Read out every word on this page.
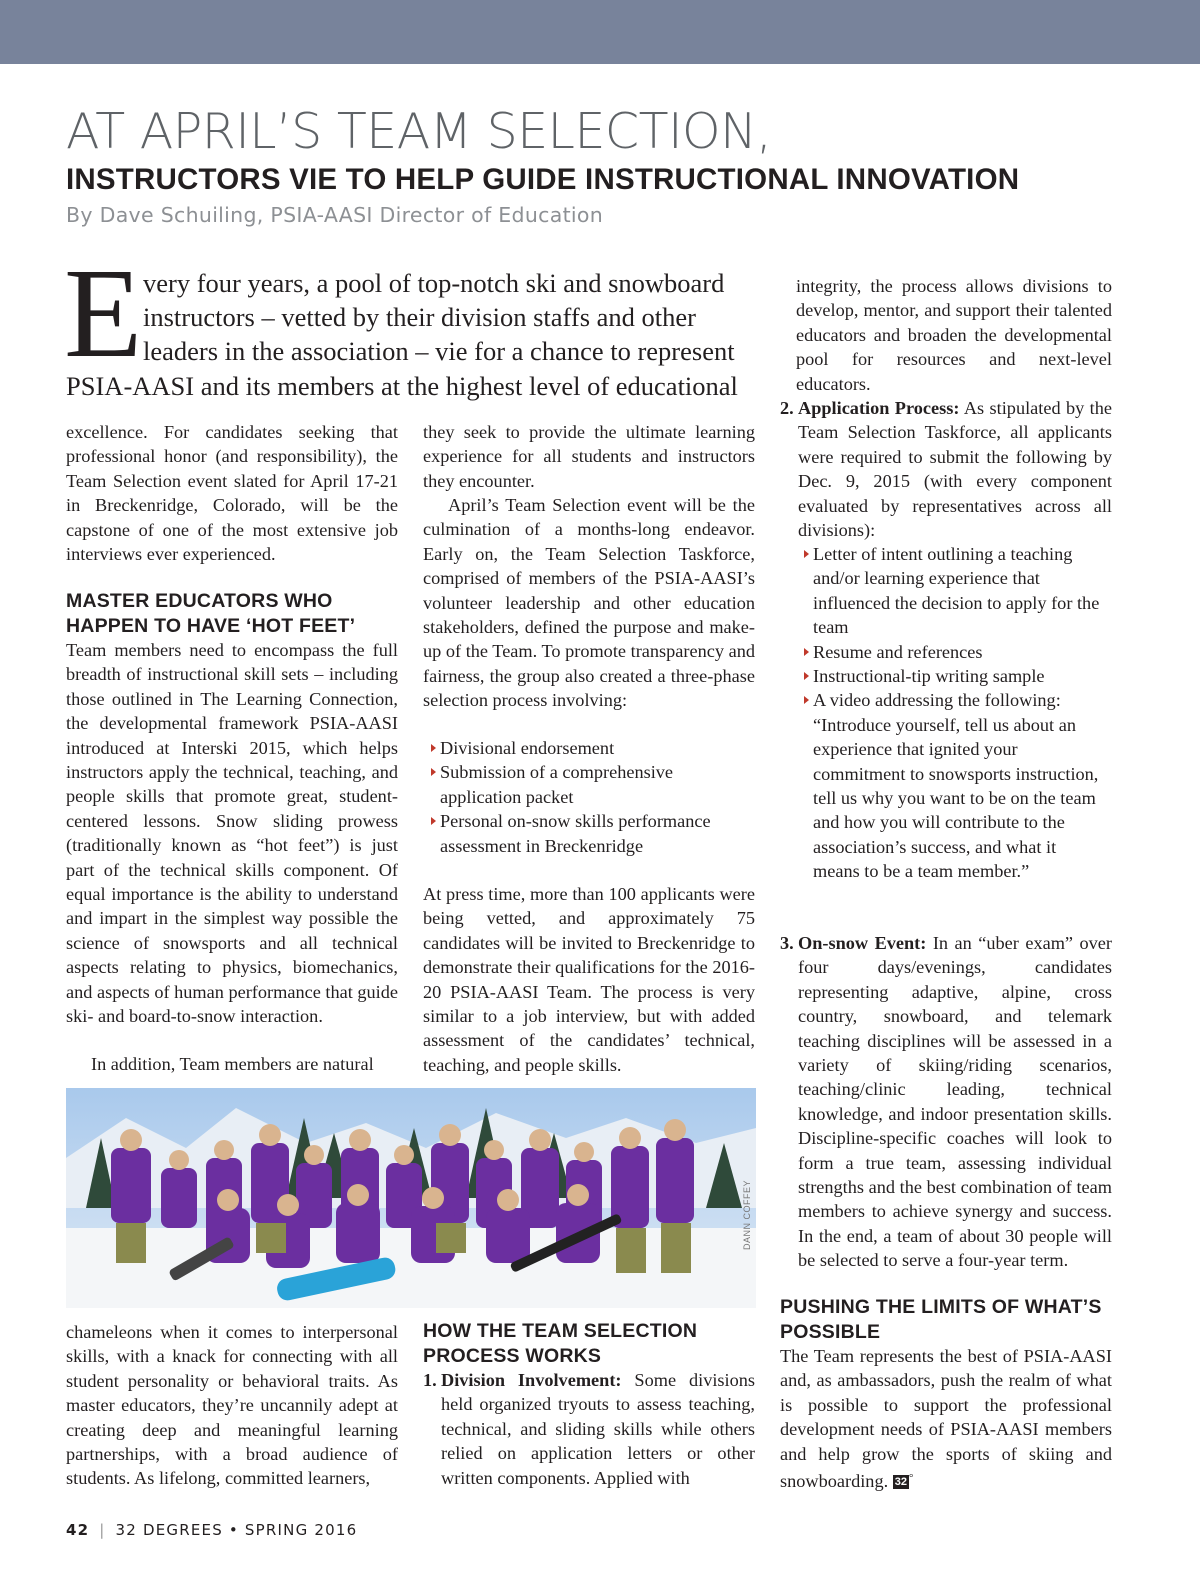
AT APRIL’S TEAM SELECTION,
INSTRUCTORS VIE TO HELP GUIDE INSTRUCTIONAL INNOVATION
By Dave Schuiling, PSIA-AASI Director of Education
E very four years, a pool of top-notch ski and snowboard
instructors – vetted by their division staffs and other
leaders in the association – vie for a chance to represent
PSIA-AASI and its members at the highest level of educational
excellence. For candidates seeking that professional honor (and responsibility), the Team Selection event slated for April 17-21 in Breckenridge, Colorado, will be the capstone of one of the most extensive job interviews ever experienced.
MASTER EDUCATORS WHO HAPPEN TO HAVE ‘HOT FEET’
Team members need to encompass the full breadth of instructional skill sets – including those outlined in The Learning Connection, the developmental framework PSIA-AASI introduced at Interski 2015, which helps instructors apply the technical, teaching, and people skills that promote great, student-centered lessons. Snow sliding prowess (traditionally known as “hot feet”) is just part of the technical skills component. Of equal importance is the ability to understand and impart in the simplest way possible the science of snowsports and all technical aspects relating to physics, biomechanics, and aspects of human performance that guide ski- and board-to-snow interaction.
In addition, Team members are natural
chameleons when it comes to interpersonal skills, with a knack for connecting with all student personality or behavioral traits. As master educators, they’re uncannily adept at creating deep and meaningful learning partnerships, with a broad audience of students. As lifelong, committed learners,
they seek to provide the ultimate learning experience for all students and instructors they encounter.
April’s Team Selection event will be the culmination of a months-long endeavor. Early on, the Team Selection Taskforce, comprised of members of the PSIA-AASI’s volunteer leadership and other education stakeholders, defined the purpose and make-up of the Team. To promote transparency and fairness, the group also created a three-phase selection process involving:
Divisional endorsement
Submission of a comprehensive application packet
Personal on-snow skills performance assessment in Breckenridge
At press time, more than 100 applicants were being vetted, and approximately 75 candidates will be invited to Breckenridge to demonstrate their qualifications for the 2016-20 PSIA-AASI Team. The process is very similar to a job interview, but with added assessment of the candidates’ technical, teaching, and people skills.
HOW THE TEAM SELECTION PROCESS WORKS
1. Division Involvement: Some divisions held organized tryouts to assess teaching, technical, and sliding skills while others relied on application letters or other written components. Applied with
integrity, the process allows divisions to develop, mentor, and support their talented educators and broaden the developmental pool for resources and next-level educators.
2. Application Process: As stipulated by the Team Selection Taskforce, all applicants were required to submit the following by Dec. 9, 2015 (with every component evaluated by representatives across all divisions):
Letter of intent outlining a teaching and/or learning experience that influenced the decision to apply for the team
Resume and references
Instructional-tip writing sample
A video addressing the following: “Introduce yourself, tell us about an experience that ignited your commitment to snowsports instruction, tell us why you want to be on the team and how you will contribute to the association’s success, and what it means to be a team member.”
3. On-snow Event: In an “uber exam” over four days/evenings, candidates representing adaptive, alpine, cross country, snowboard, and telemark teaching disciplines will be assessed in a variety of skiing/riding scenarios, teaching/clinic leading, technical knowledge, and indoor presentation skills. Discipline-specific coaches will look to form a true team, assessing individual strengths and the best combination of team members to achieve synergy and success. In the end, a team of about 30 people will be selected to serve a four-year term.
PUSHING THE LIMITS OF WHAT’S POSSIBLE
The Team represents the best of PSIA-AASI and, as ambassadors, push the realm of what is possible to support the professional development needs of PSIA-AASI members and help grow the sports of skiing and snowboarding. 32 °
DANN COFFEY
42 | 32 DEGREES • SPRING 2016
